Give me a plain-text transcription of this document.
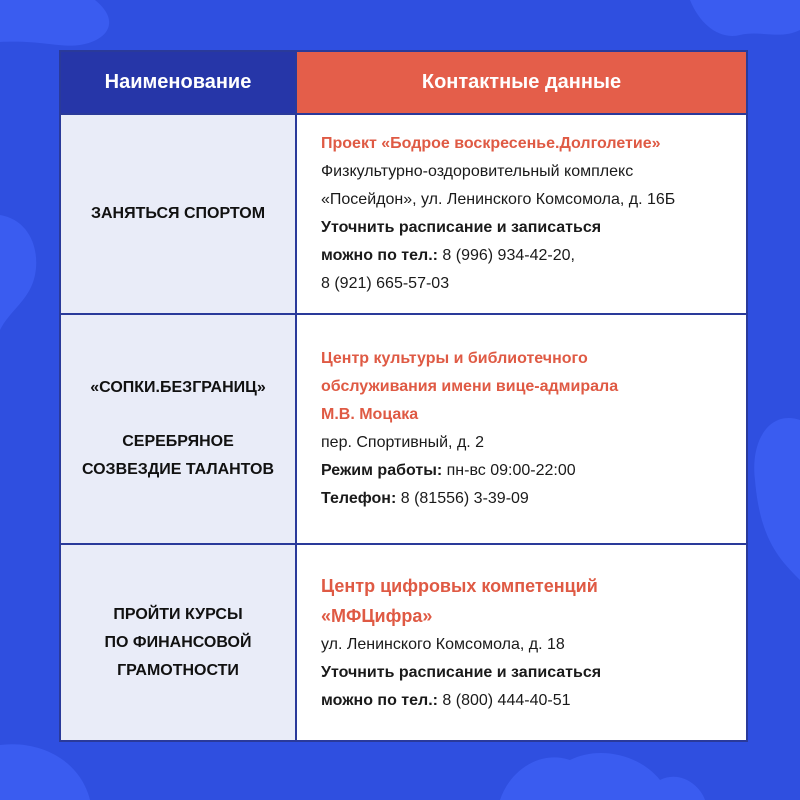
Наименование	Контактные данные
ЗАНЯТЬСЯ СПОРТОМ
Проект «Бодрое воскресенье.Долголетие»
Физкультурно-оздоровительный комплекс
«Посейдон», ул. Ленинского Комсомола, д. 16Б
Уточнить расписание и записаться
можно по тел.: 8 (996) 934-42-20,
8 (921) 665-57-03
«СОПКИ.БЕЗГРАНИЦ»
СЕРЕБРЯНОЕ
СОЗВЕЗДИЕ ТАЛАНТОВ
Центр культуры и библиотечного
обслуживания имени вице-адмирала
М.В. Моцака
пер. Спортивный, д. 2
Режим работы: пн-вс 09:00-22:00
Телефон: 8 (81556) 3-39-09
ПРОЙТИ КУРСЫ
ПО ФИНАНСОВОЙ
ГРАМОТНОСТИ
Центр цифровых компетенций
«МФЦифра»
ул. Ленинского Комсомола, д. 18
Уточнить расписание и записаться
можно по тел.: 8 (800) 444-40-51
